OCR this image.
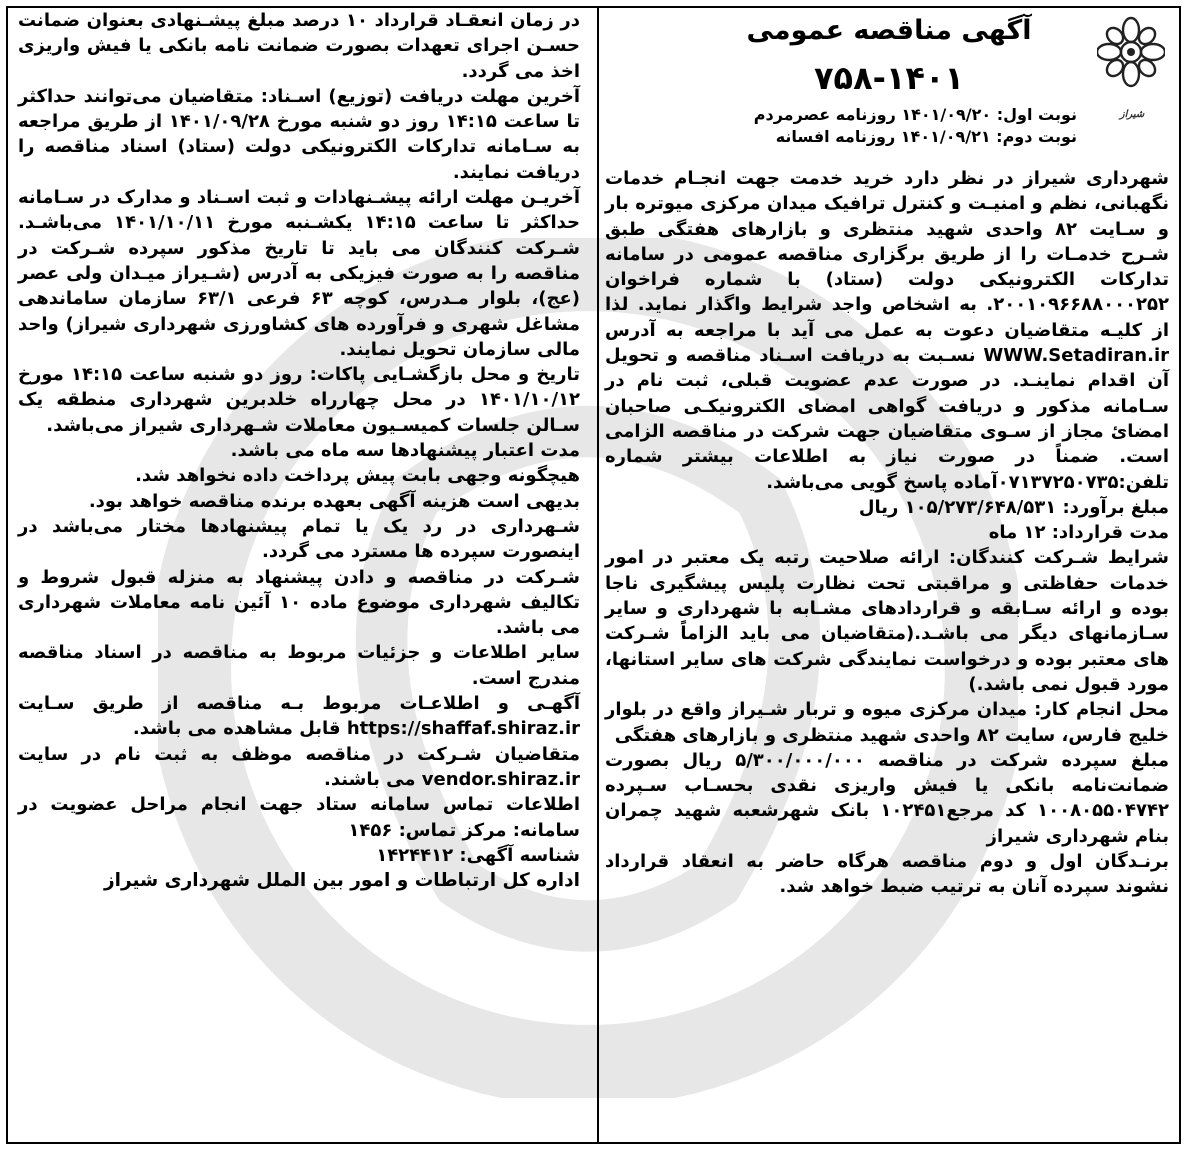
شیراز
آگهی مناقصه عمومی
۷۵۸-۱۴۰۱
نوبت اول: ۱۴۰۱/۰۹/۲۰ روزنامه عصرمردم
نوبت دوم: ۱۴۰۱/۰۹/۲۱ روزنامه افسانه

شهرداری شیراز در نظر دارد خرید خدمت جهت انجـام خدمات نگهبانی، نظم و امنیـت و کنترل ترافیک میدان مرکزی میوتره بار و سـایت ۸۲ واحدی شهید منتظری و بازارهای هفتگی طبق شـرح خدمـات را از طریق برگزاری مناقصه عمومی در سامانه تدارکات الکترونیکی دولت (ستاد) با شماره فراخوان ۲۰۰۱۰۹۶۶۸۸۰۰۰۲۵۲. به اشخاص واجد شرایط واگذار نماید. لذا از کلیـه متقاضیان دعوت به عمل می آید با مراجعه به آدرس WWW.Setadiran.ir نسـبت به دریافت اسـناد مناقصه و تحویل آن اقدام نماینـد. در صورت عدم عضویت قبلی، ثبت نام در سـامانه مذکور و دریافت گواهی امضای الکترونیکـی صاحبان امضائ مجاز از سـوی متقاضیان جهت شرکت در مناقصه الزامی است. ضمناً در صورت نیاز به اطلاعات بیشتر شماره تلفن:۰۷۱۳۷۲۵۰۷۳۵آماده پاسخ گویی می‌باشد.

مبلغ برآورد: ۱۰۵/۲۷۳/۶۴۸/۵۳۱ ریال

مدت قرارداد: ۱۲ ماه

شرایط شـرکت کنندگان: ارائه صلاحیت رتبه یک معتبر در امور خدمات حفاظتی و مراقبتی تحت نظارت پلیس پیشگیری ناجا بوده و ارائه سـابقه و قراردادهای مشـابه با شهرداری و سایر سـازمانهای دیگر می باشـد.(متقاضیان می باید الزاماً شـرکت های معتبر بوده و درخواست نمایندگی شرکت های سایر استانها، مورد قبول نمی باشد.)

محل انجام کار: میدان مرکزی میوه و تربار شـیراز واقع در بلوار خلیج فارس، سایت ۸۲ واحدی شهید منتظری و بازارهای هفتگی

مبلغ سپرده شرکت در مناقصه ۵/۳۰۰/۰۰۰/۰۰۰ ریال بصورت ضمانت‌نامه بانکی یا فیش واریزی نقدی بحسـاب سـپرده ۱۰۰۸۰۵۵۰۴۷۴۲ کد مرجع۱۰۲۴۵۱ بانک شهرشعبه شهید چمران بنام شهرداری شیراز

برنـدگان اول و دوم مناقصه هرگاه حاضر به انعقاد قرارداد نشوند سپرده آنان به ترتیب ضبط خواهد شد.

در زمان انعقـاد قرارداد ۱۰ درصد مبلغ پیشـنهادی بعنوان ضمانت حسـن اجرای تعهدات بصورت ضمانت نامه بانکی یا فیش واریزی اخذ می گردد.

آخرین مهلت دریافت (توزیع) اسـناد: متقاضیان می‌توانند حداکثر تا ساعت ۱۴:۱۵ روز دو شنبه مورخ ۱۴۰۱/۰۹/۲۸ از طریق مراجعه به سـامانه تدارکات الکترونیکی دولت (ستاد) اسناد مناقصه را دریافت نمایند.

آخریـن مهلت ارائه پیشـنهادات و ثبت اسـناد و مدارک در سـامانه حداکثر تا ساعت ۱۴:۱۵ یکشـنبه مورخ ۱۴۰۱/۱۰/۱۱ می‌باشـد. شـرکت کنندگان می باید تا تاریخ مذکور سپرده شـرکت در مناقصه را به صورت فیزیکی به آدرس (شـیراز میـدان ولی عصر (عج)، بلوار مـدرس، کوچه ۶۳ فرعی ۶۳/۱ سازمان ساماندهی مشاغل شهری و فرآورده های کشاورزی شهرداری شیراز) واحد مالی سازمان تحویل نمایند.

تاریخ و محل بازگشـایی پاکات: روز دو شنبه ساعت ۱۴:۱۵ مورخ ۱۴۰۱/۱۰/۱۲ در محل چهارراه خلدبرین شهرداری منطقه یک سـالن جلسات کمیسـیون معاملات شـهرداری شیراز می‌باشد.

مدت اعتبار پیشنهادها سه ماه می باشد.

هیچگونه وجهی بابت پیش پرداخت داده نخواهد شد.

بدیهی است هزینه آگهی بعهده برنده مناقصه خواهد بود.

شـهرداری در رد یک یا تمام پیشنهادها مختار می‌باشد در اینصورت سپرده ها مسترد می گردد.

شـرکت در مناقصه و دادن پیشنهاد به منزله قبول شروط و تکالیف شهرداری موضوع ماده ۱۰ آئین نامه معاملات شهرداری می باشد.

سایر اطلاعات و جزئیات مربوط به مناقصه در اسناد مناقصه مندرج است.

آگهـی و اطلاعـات مربوط بـه مناقصه از طریق سـایت https://shaffaf.shiraz.ir قابل مشاهده می باشد.

متقاضیان شـرکت در مناقصه موظف به ثبت نام در سایت vendor.shiraz.ir می باشند.

اطلاعات تماس سامانه ستاد جهت انجام مراحل عضویت در سامانه: مرکز تماس: ۱۴۵۶

شناسه آگهی: ۱۴۲۴۴۱۲

اداره کل ارتباطات و امور بین الملل شهرداری شیراز
